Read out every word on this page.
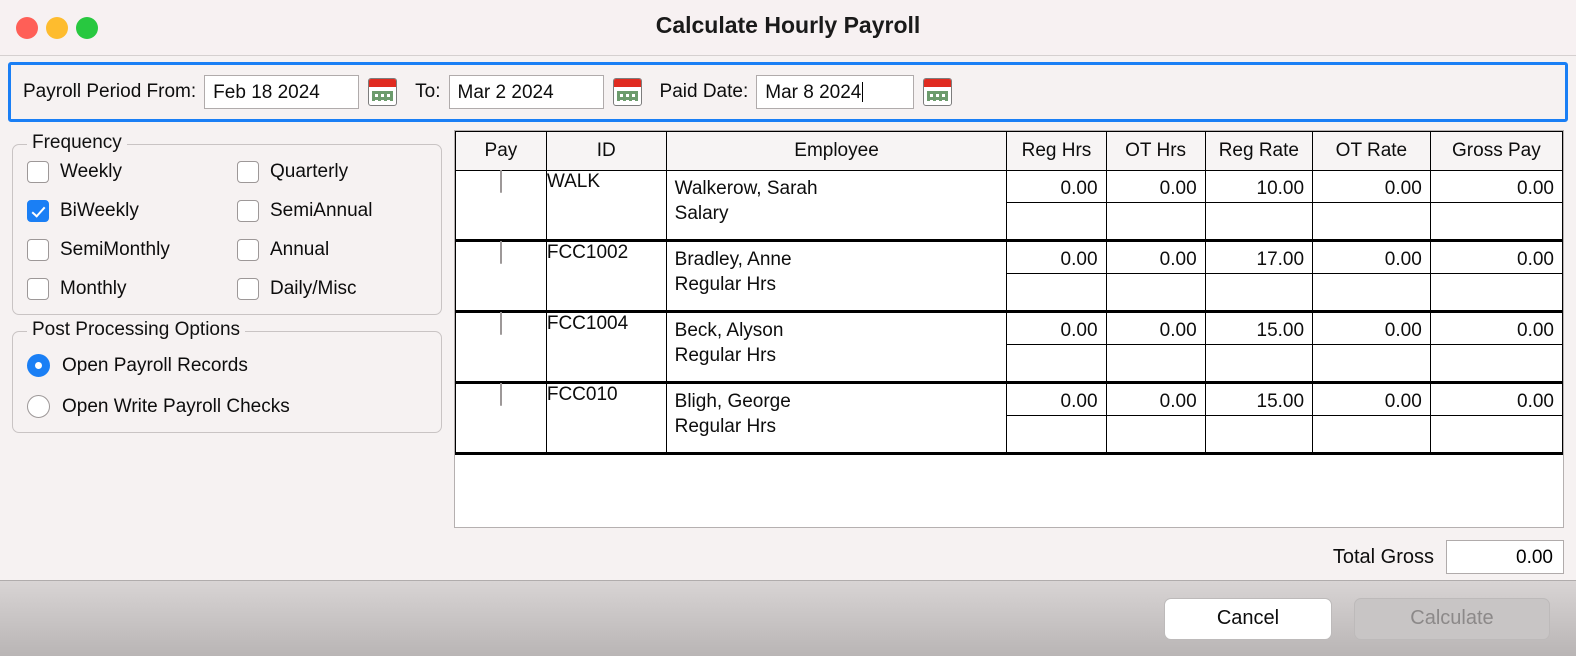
Calculate Hourly Payroll
Payroll Period From: Feb 18 2024	To: Mar 2 2024	Paid Date: Mar 8 2024
Frequency
Weekly	Quarterly
BiWeekly	SemiAnnual
SemiMonthly	Annual
Monthly	Daily/Misc
Post Processing Options
Open Payroll Records
Open Write Payroll Checks
Pay	ID	Employee	Reg Hrs	OT Hrs	Reg Rate	OT Rate	Gross Pay
	WALK	Walkerow, Sarah
Salary	0.00	0.00	10.00	0.00	0.00

	FCC1002	Bradley, Anne
Regular Hrs	0.00	0.00	17.00	0.00	0.00

	FCC1004	Beck, Alyson
Regular Hrs	0.00	0.00	15.00	0.00	0.00

	FCC010	Bligh, George
Regular Hrs	0.00	0.00	15.00	0.00	0.00
Total Gross	0.00
Cancel	Calculate
